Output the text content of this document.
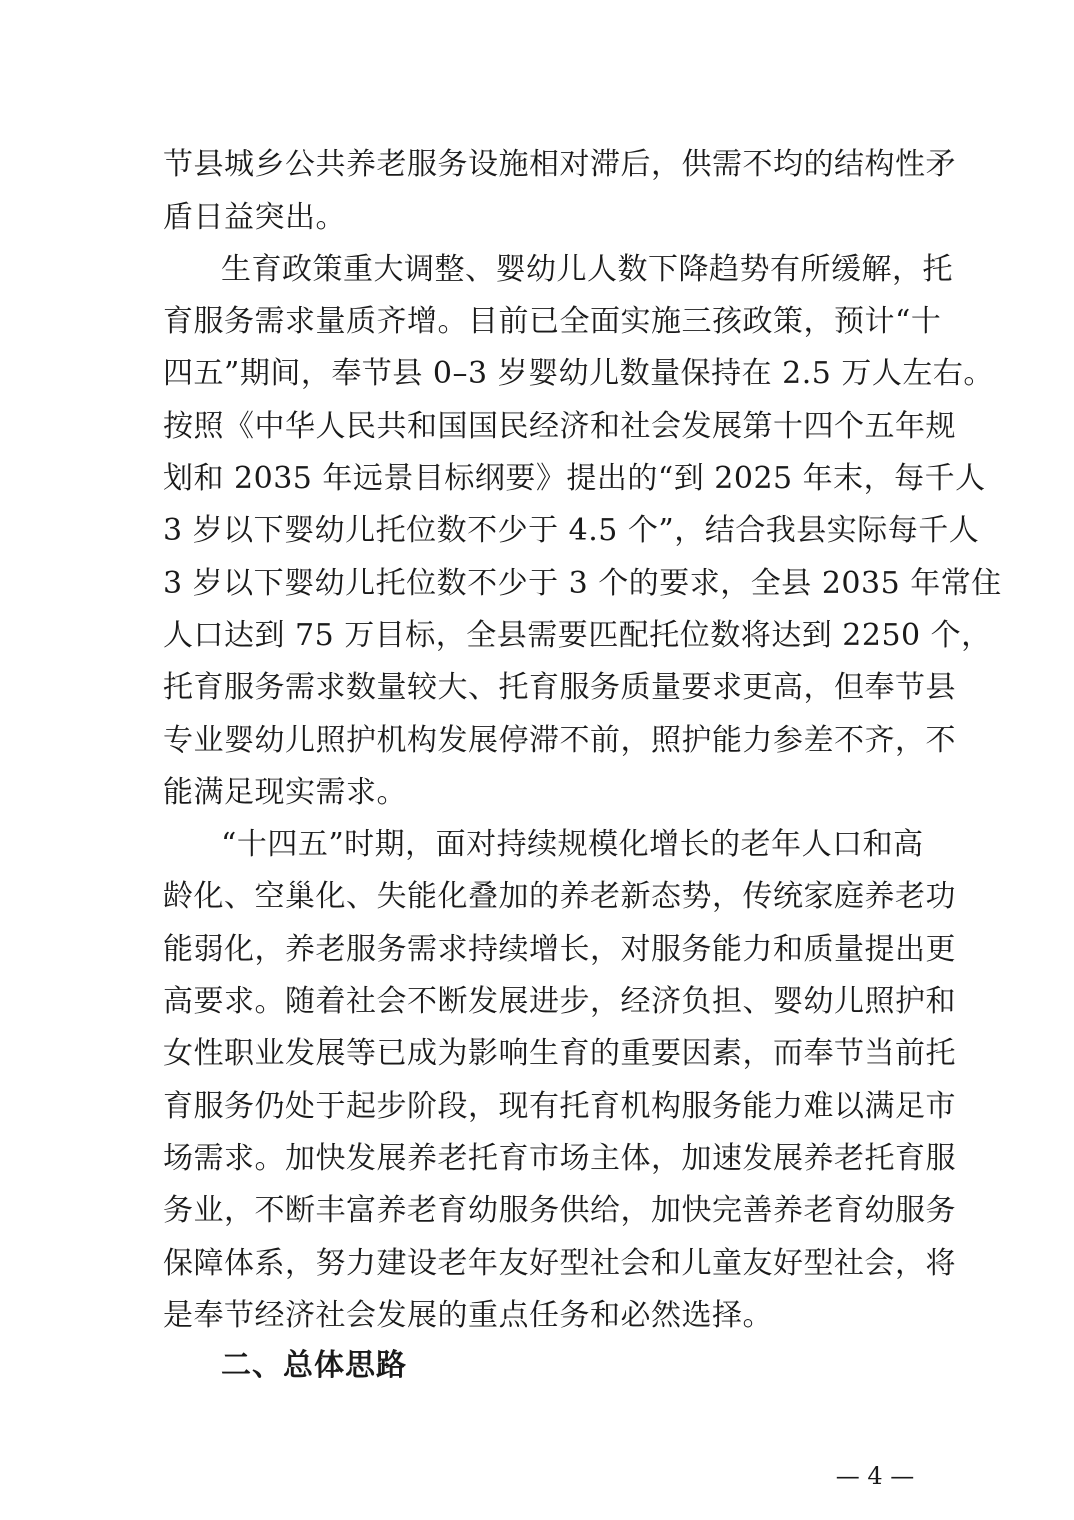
节县城乡公共养老服务设施相对滞后，供需不均的结构性矛
盾日益突出。
生育政策重大调整、婴幼儿人数下降趋势有所缓解，托
育服务需求量质齐增。目前已全面实施三孩政策，预计“十
四五”期间，奉节县 0–3 岁婴幼儿数量保持在 2.5 万人左右。
按照《中华人民共和国国民经济和社会发展第十四个五年规
划和 2035 年远景目标纲要》提出的“到 2025 年末，每千人
3 岁以下婴幼儿托位数不少于 4.5 个”，结合我县实际每千人
3 岁以下婴幼儿托位数不少于 3 个的要求，全县 2035 年常住
人口达到 75 万目标，全县需要匹配托位数将达到 2250 个，
托育服务需求数量较大、托育服务质量要求更高，但奉节县
专业婴幼儿照护机构发展停滞不前，照护能力参差不齐，不
能满足现实需求。
“十四五”时期，面对持续规模化增长的老年人口和高
龄化、空巢化、失能化叠加的养老新态势，传统家庭养老功
能弱化，养老服务需求持续增长，对服务能力和质量提出更
高要求。随着社会不断发展进步，经济负担、婴幼儿照护和
女性职业发展等已成为影响生育的重要因素，而奉节当前托
育服务仍处于起步阶段，现有托育机构服务能力难以满足市
场需求。加快发展养老托育市场主体，加速发展养老托育服
务业，不断丰富养老育幼服务供给，加快完善养老育幼服务
保障体系，努力建设老年友好型社会和儿童友好型社会，将
是奉节经济社会发展的重点任务和必然选择。
二、总体思路
— 4 —
